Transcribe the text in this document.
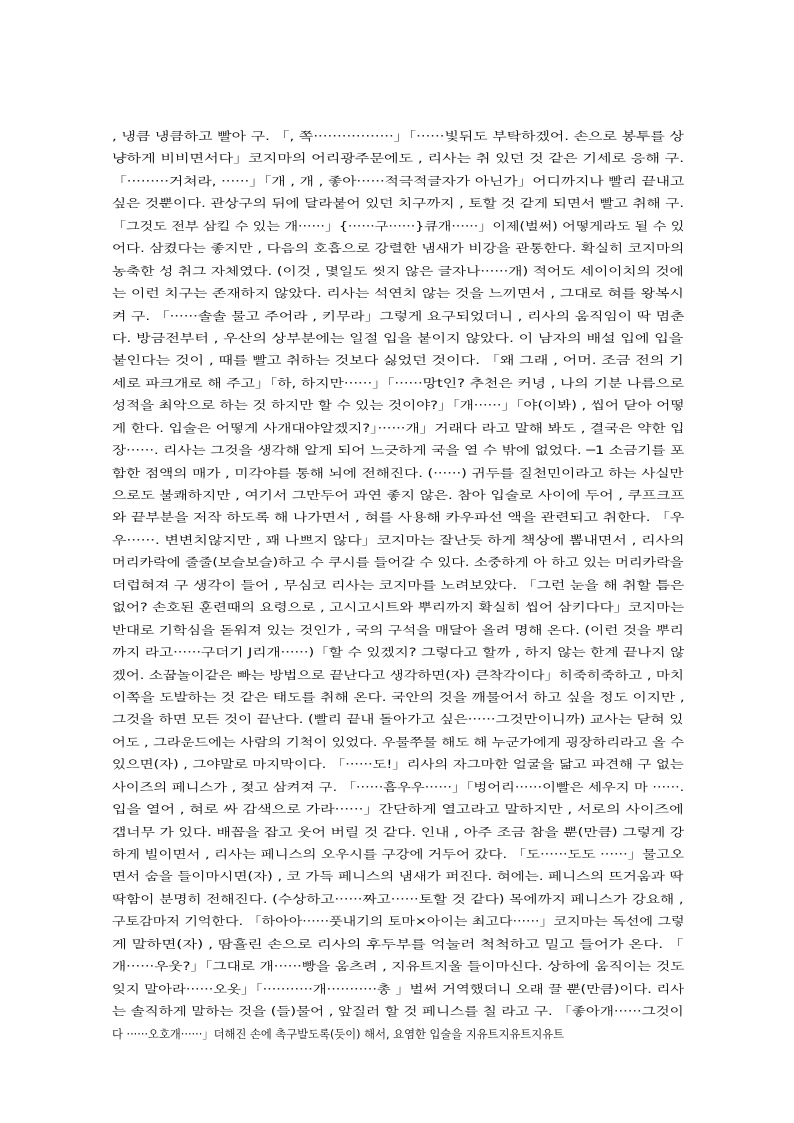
, 냉큼 냉큼하고 빨아 구. 「, 쪽·················」「······빛뒤도 부탁하겠어. 손으로 봉투를 상
냥하게 비비면서다」코지마의 어리광주문에도 , 리사는 취 있던 것 같은 기세로 응해 구.
「·········거쳐라, ······」「개 , 개 , 좋아······적극적글자가 아닌가」어디까지나 빨리 끝내고
싶은 것뿐이다. 관상구의 뒤에 달라붙어 있던 치구까지 , 토할 것 같게 되면서 빨고 취해 구.
「그것도 전부 삼킬 수 있는 개······」{······구······}큐개······」이제(벌써) 어떻게라도 될 수 있
어다. 삼켰다는 좋지만 , 다음의 호흡으로 강렬한 냄새가 비강을 관통한다. 확실히 코지마의
농축한 성 취그 자체였다. (이것 , 몇일도 씻지 않은 글자나······개) 적어도 세이이치의 것에
는 이런 치구는 존재하지 않았다. 리사는 석연치 않는 것을 느끼면서 , 그대로 혀를 왕복시
켜 구. 「······솔솔 물고 주어라 , 키무라」그렇게 요구되었더니 , 리사의 움직임이 딱 멈춘
다. 방금전부터 , 우산의 상부분에는 일절 입을 붙이지 않았다. 이 남자의 배설 입에 입을
붙인다는 것이 , 때를 빨고 취하는 것보다 싫었던 것이다. 「왜 그래 , 어머. 조금 전의 기
세로 파크개로 해 주고」「하, 하지만······」「······망t인? 추천은 커녕 , 나의 기분 나름으로
성적을 최악으로 하는 것 하지만 할 수 있는 것이야?」「개······」「야(이봐) , 씹어 닫아 어떻
게 한다. 입술은 어떻게 사개대야알겠지?」······개」거래다 라고 말해 봐도 , 결국은 약한 입
장······. 리사는 그것을 생각해 알게 되어 느긋하게 국을 열 수 밖에 없었다. ─1 소금기를 포
함한 점액의 매가 , 미각야를 통해 뇌에 전해진다. (······) 귀두를 질천민이라고 하는 사실만
으로도 불쾌하지만 , 여기서 그만두어 과연 좋지 않은. 참아 입술로 사이에 두어 , 쿠프크프
와 끝부분을 저작 하도록 해 나가면서 , 혀를 사용해 카우파선 액을 관련되고 취한다. 「우
우······. 변변치않지만 , 꽤 나쁘지 않다」코지마는 잘난듯 하게 책상에 뽐내면서 , 리사의
머리카락에 줄줄(보슬보슬)하고 수 쿠시를 들어갈 수 있다. 소중하게 아 하고 있는 머리카락을
더럽혀져 구 생각이 들어 , 무심코 리사는 코지마를 노려보았다. 「그런 눈을 해 취할 틈은
없어? 손호된 훈련때의 요령으로 , 고시고시트와 뿌리까지 확실히 씹어 삼키다다」코지마는
반대로 기학심을 돋워져 있는 것인가 , 국의 구석을 매달아 올려 명해 온다. (이런 것을 뿌리
까지 라고······구더기 J리개······)「할 수 있겠지? 그렇다고 할까 , 하지 않는 한계 끝나지 않
겠어. 소꿉놀이같은 빠는 방법으로 끝난다고 생각하면(자) 큰착각이다」히죽히죽하고 , 마치
이쪽을 도발하는 것 같은 태도를 취해 온다. 국안의 것을 깨물어서 하고 싶을 정도 이지만 ,
그것을 하면 모든 것이 끝난다. (빨리 끝내 돌아가고 싶은······그것만이니까) 교사는 닫혀 있
어도 , 그라운드에는 사람의 기척이 있었다. 우물쭈물 해도 해 누군가에게 굉장하리라고 올 수
있으면(자) , 그야말로 마지막이다. 「······도!」리사의 자그마한 얼굴을 닮고 파견해 구 없는
사이즈의 페니스가 , 젖고 삼켜져 구. 「······흠우우······」「벙어리······이빨은 세우지 마 ······.
입을 열어 , 혀로 싸 감색으로 가라······」간단하게 열고라고 말하지만 , 서로의 사이즈에
갭너무 가 있다. 배꼽을 잡고 웃어 버릴 것 같다. 인내 , 아주 조금 참을 뿐(만큼) 그렇게 강
하게 빌이면서 , 리사는 페니스의 오우시를 구강에 거두어 갔다. 「도······도도 ······」물고오
면서 숨을 들이마시면(자) , 코 가득 페니스의 냄새가 퍼진다. 혀에는. 페니스의 뜨거움과 딱
딱함이 분명히 전해진다. (수상하고······짜고······토할 것 같다) 목에까지 페니스가 강요해 ,
구토감마저 기억한다. 「하아아······풋내기의 토마×아이는 최고다······」코지마는 독선에 그렇
게 말하면(자) , 땀흘린 손으로 리사의 후두부를 억눌러 척척하고 밀고 들어가 온다. 「
개······우웃?」「그대로 개······빵을 움츠려 , 지유트지울 들이마신다. 상하에 움직이는 것도
잊지 말아라······오옷」「···········개···········총 」벌써 거역했더니 오래 끌 뿐(만큼)이다. 리사
는 솔직하게 말하는 것을 (들)물어 , 앞질러 할 것 페니스를 칠 라고 구. 「좋아개······그것이
다 ······오호개······」더해진 손에 촉구발도록(듯이) 해서, 요염한 입술을 지유트지유트지유트
